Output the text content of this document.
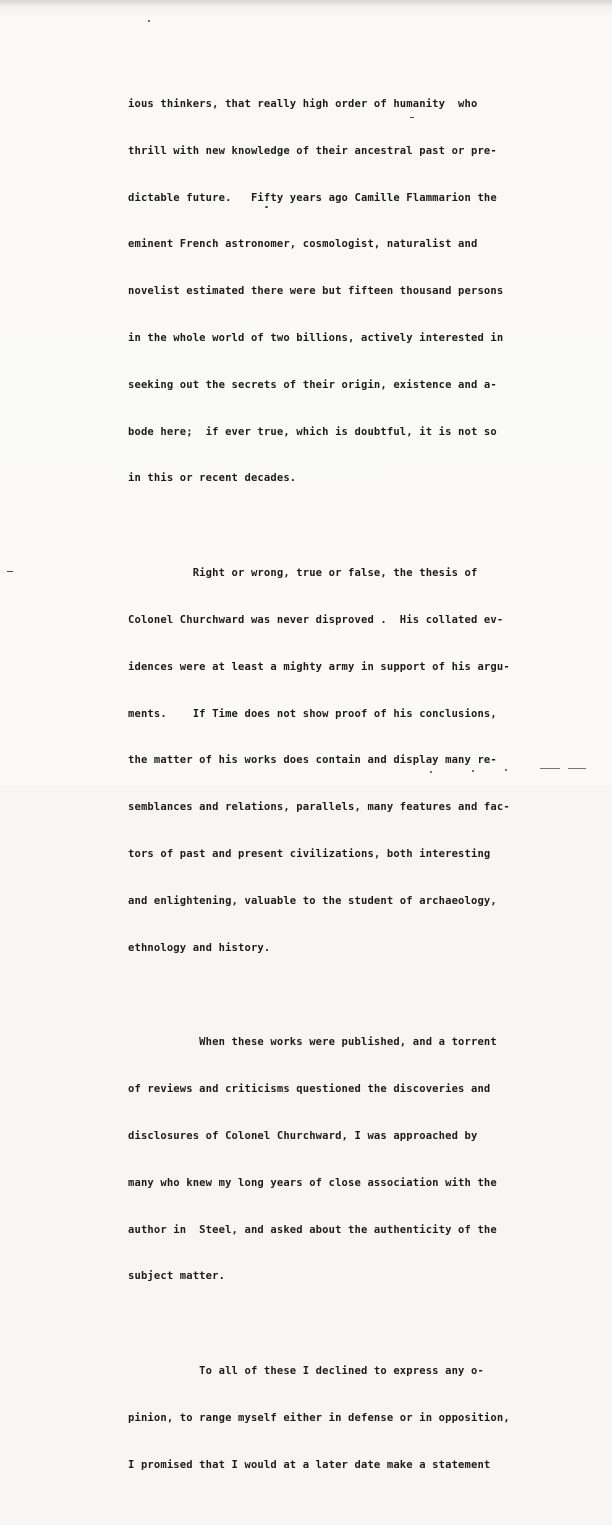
ious thinkers, that really high order of humanity  who

thrill with new knowledge of their ancestral past or pre-

dictable future.   Fifty years ago Camille Flammarion the

eminent French astronomer, cosmologist, naturalist and

novelist estimated there were but fifteen thousand persons

in the whole world of two billions, actively interested in

seeking out the secrets of their origin, existence and a-

bode here;  if ever true, which is doubtful, it is not so

in this or recent decades.

Right or wrong, true or false, the thesis of

Colonel Churchward was never disproved .  His collated ev-

idences were at least a mighty army in support of his argu-

ments.    If Time does not show proof of his conclusions,

the matter of his works does contain and display many re-

semblances and relations, parallels, many features and fac-

tors of past and present civilizations, both interesting

and enlightening, valuable to the student of archaeology,

ethnology and history.

When these works were published, and a torrent

of reviews and criticisms questioned the discoveries and

disclosures of Colonel Churchward, I was approached by

many who knew my long years of close association with the

author in  Steel, and asked about the authenticity of the

subject matter.

To all of these I declined to express any o-

pinion, to range myself either in defense or in opposition,

I promised that I would at a later date make a statement
